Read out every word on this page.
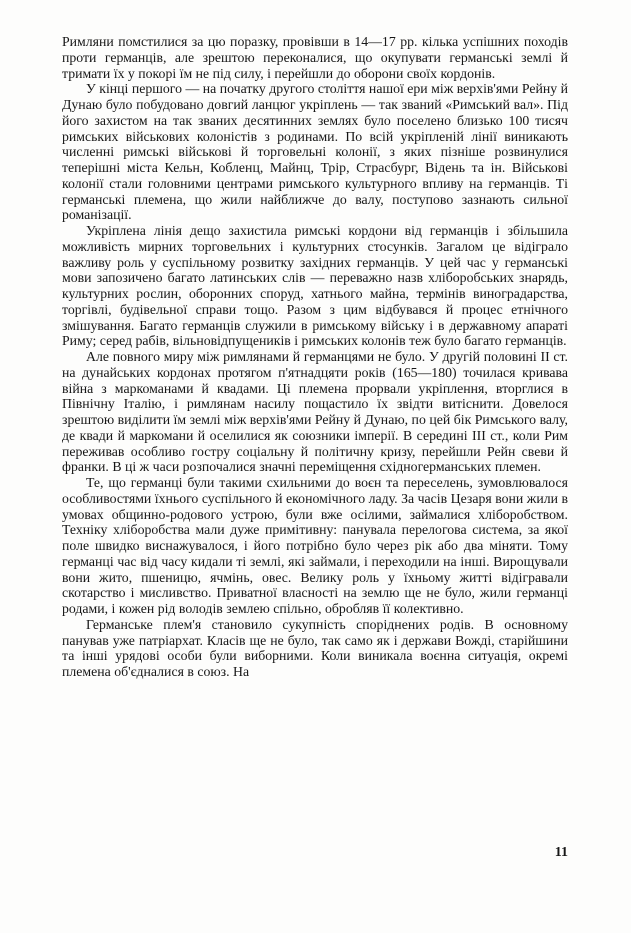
Римляни помстилися за цю поразку, провівши в 14—17 рр. кілька успішних походів проти германців, але зрештою переконалися, що окупувати германські землі й тримати їх у покорі їм не під силу, і перейшли до оборони своїх кордонів.

У кінці першого — на початку другого століття нашої ери між верхів'ями Рейну й Дунаю було побудовано довгий ланцюг укріплень — так званий «Римський вал». Під його захистом на так званих десятинних землях було поселено близько 100 тисяч римських військових колоністів з родинами. По всій укріпленій лінії виникають численні римські військові й торговельні колонії, з яких пізніше розвинулися теперішні міста Кельн, Кобленц, Майнц, Трір, Страсбург, Відень та ін. Військові колонії стали головними центрами римського культурного впливу на германців. Ті германські племена, що жили найближче до валу, поступово зазнають сильної романізації.

Укріплена лінія дещо захистила римські кордони від германців і збільшила можливість мирних торговельних і культурних стосунків. Загалом це відіграло важливу роль у суспільному розвитку західних германців. У цей час у германські мови запозичено багато латинських слів — переважно назв хліборобських знарядь, культурних рослин, оборонних споруд, хатнього майна, термінів виноградарства, торгівлі, будівельної справи тощо. Разом з цим відбувався й процес етнічного змішування. Багато германців служили в римському війську і в державному апараті Риму; серед рабів, вільновідпущеників і римських колонів теж було багато германців.

Але повного миру між римлянами й германцями не було. У другій половині II ст. на дунайських кордонах протягом п'ятнадцяти років (165—180) точилася кривава війна з маркоманами й квадами. Ці племена прорвали укріплення, вторглися в Північну Італію, і римлянам насилу пощастило їх звідти витіснити. Довелося зрештою виділити їм землі між верхів'ями Рейну й Дунаю, по цей бік Римського валу, де квади й маркомани й оселилися як союзники імперії. В середині III ст., коли Рим переживав особливо гостру соціальну й політичну кризу, перейшли Рейн свеви й франки. В ці ж часи розпочалися значні переміщення східногерманських племен.

Те, що германці були такими схильними до воєн та переселень, зумовлювалося особливостями їхнього суспільного й економічного ладу. За часів Цезаря вони жили в умовах общинно-родового устрою, були вже осілими, займалися хліборобством. Техніку хліборобства мали дуже примітивну: панувала перелогова система, за якої поле швидко виснажувалося, і його потрібно було через рік або два міняти. Тому германці час від часу кидали ті землі, які займали, і переходили на інші. Вирощували вони жито, пшеницю, ячмінь, овес. Велику роль у їхньому житті відігравали скотарство і мисливство. Приватної власності на землю ще не було, жили германці родами, і кожен рід володів землею спільно, обробляв її колективно.

Германське плем'я становило сукупність споріднених родів. В основному панував уже патріархат. Класів ще не було, так само як і держави Вожді, старійшини та інші урядові особи були виборними. Коли виникала воєнна ситуація, окремі племена об'єдналися в союз. На

11
